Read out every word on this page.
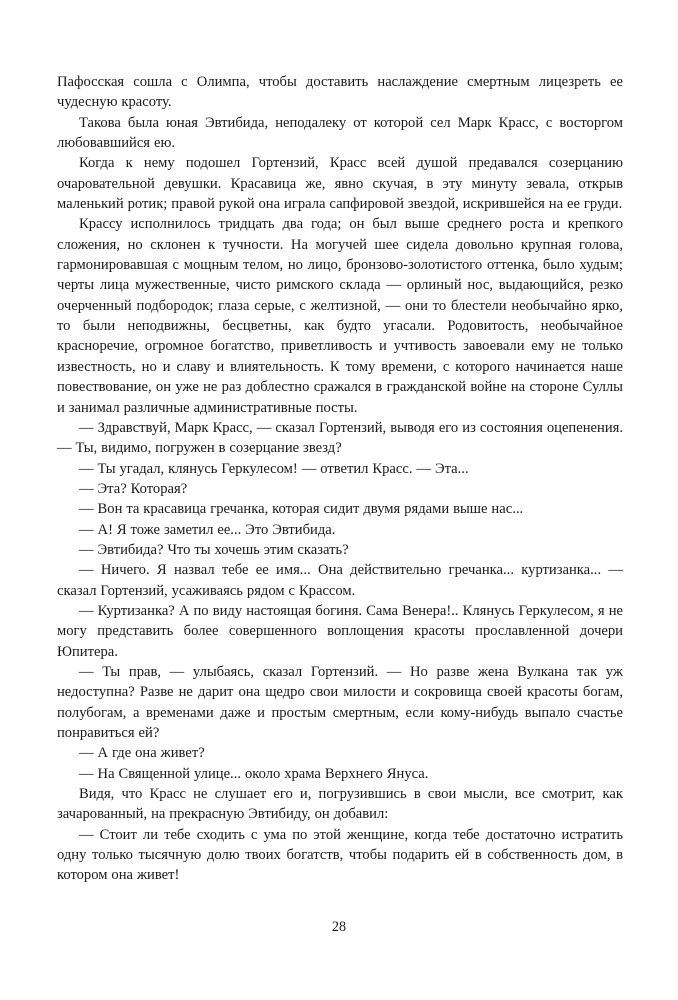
Пафосская сошла с Олимпа, чтобы доставить наслаждение смертным лицезреть ее чудесную красоту.

Такова была юная Эвтибида, неподалеку от которой сел Марк Красс, с восторгом любовавшийся ею.

Когда к нему подошел Гортензий, Красс всей душой предавался созерцанию очаровательной девушки. Красавица же, явно скучая, в эту минуту зевала, открыв маленький ротик; правой рукой она играла сапфировой звездой, искрившейся на ее груди.

Крассу исполнилось тридцать два года; он был выше среднего роста и крепкого сложения, но склонен к тучности. На могучей шее сидела довольно крупная голова, гармонировавшая с мощным телом, но лицо, бронзово-золотистого оттенка, было худым; черты лица мужественные, чисто римского склада — орлиный нос, выдающийся, резко очерченный подбородок; глаза серые, с желтизной, — они то блестели необычайно ярко, то были неподвижны, бесцветны, как будто угасали. Родовитость, необычайное красноречие, огромное богатство, приветливость и учтивость завоевали ему не только известность, но и славу и влиятельность. К тому времени, с которого начинается наше повествование, он уже не раз доблестно сражался в гражданской войне на стороне Суллы и занимал различные административные посты.

— Здравствуй, Марк Красс, — сказал Гортензий, выводя его из состояния оцепенения. — Ты, видимо, погружен в созерцание звезд?

— Ты угадал, клянусь Геркулесом! — ответил Красс. — Эта...

— Эта? Которая?

— Вон та красавица гречанка, которая сидит двумя рядами выше нас...

— А! Я тоже заметил ее... Это Эвтибида.

— Эвтибида? Что ты хочешь этим сказать?

— Ничего. Я назвал тебе ее имя... Она действительно гречанка... куртизанка... — сказал Гортензий, усаживаясь рядом с Крассом.

— Куртизанка? А по виду настоящая богиня. Сама Венера!.. Клянусь Геркулесом, я не могу представить более совершенного воплощения красоты прославленной дочери Юпитера.

— Ты прав, — улыбаясь, сказал Гортензий. — Но разве жена Вулкана так уж недоступна? Разве не дарит она щедро свои милости и сокровища своей красоты богам, полубогам, а временами даже и простым смертным, если кому-нибудь выпало счастье понравиться ей?

— А где она живет?

— На Священной улице... около храма Верхнего Януса.

Видя, что Красс не слушает его и, погрузившись в свои мысли, все смотрит, как зачарованный, на прекрасную Эвтибиду, он добавил:

— Стоит ли тебе сходить с ума по этой женщине, когда тебе достаточно истратить одну только тысячную долю твоих богатств, чтобы подарить ей в собственность дом, в котором она живет!

28
